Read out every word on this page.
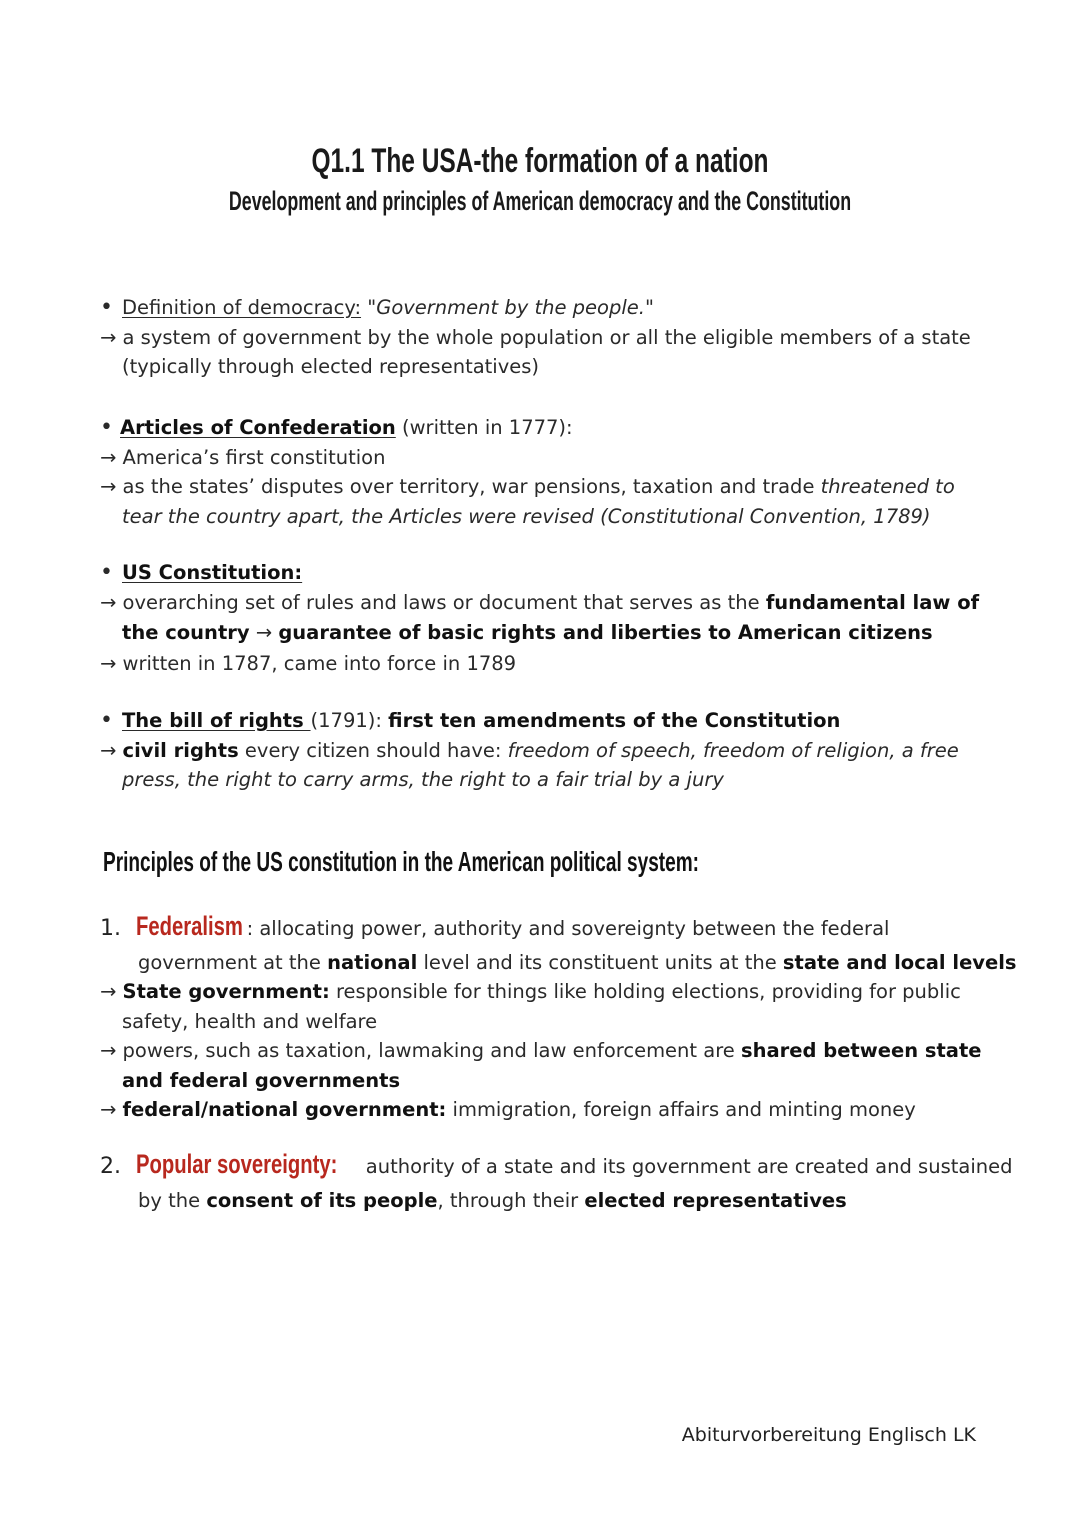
Q1.1 The USA-the formation of a nation
Development and principles of American democracy and the Constitution
• Definition of democracy: "Government by the people."
→ a system of government by the whole population or all the eligible members of a state
(typically through elected representatives)
• Articles of Confederation (written in 1777):
→ America’s first constitution
→ as the states’ disputes over territory, war pensions, taxation and trade threatened to
tear the country apart, the Articles were revised (Constitutional Convention, 1789)
• US Constitution:
→ overarching set of rules and laws or document that serves as the fundamental law of
the country → guarantee of basic rights and liberties to American citizens
→ written in 1787, came into force in 1789
• The bill of rights (1791): first ten amendments of the Constitution
→ civil rights every citizen should have: freedom of speech, freedom of religion, a free
press, the right to carry arms, the right to a fair trial by a jury
Principles of the US constitution in the American political system:
1. Federalism : allocating power, authority and sovereignty between the federal
government at the national level and its constituent units at the state and local levels
→ State government: responsible for things like holding elections, providing for public
safety, health and welfare
→ powers, such as taxation, lawmaking and law enforcement are shared between state
and federal governments
→ federal/national government: immigration, foreign affairs and minting money
2. Popular sovereignty: authority of a state and its government are created and sustained
by the consent of its people, through their elected representatives
Abiturvorbereitung Englisch LK
